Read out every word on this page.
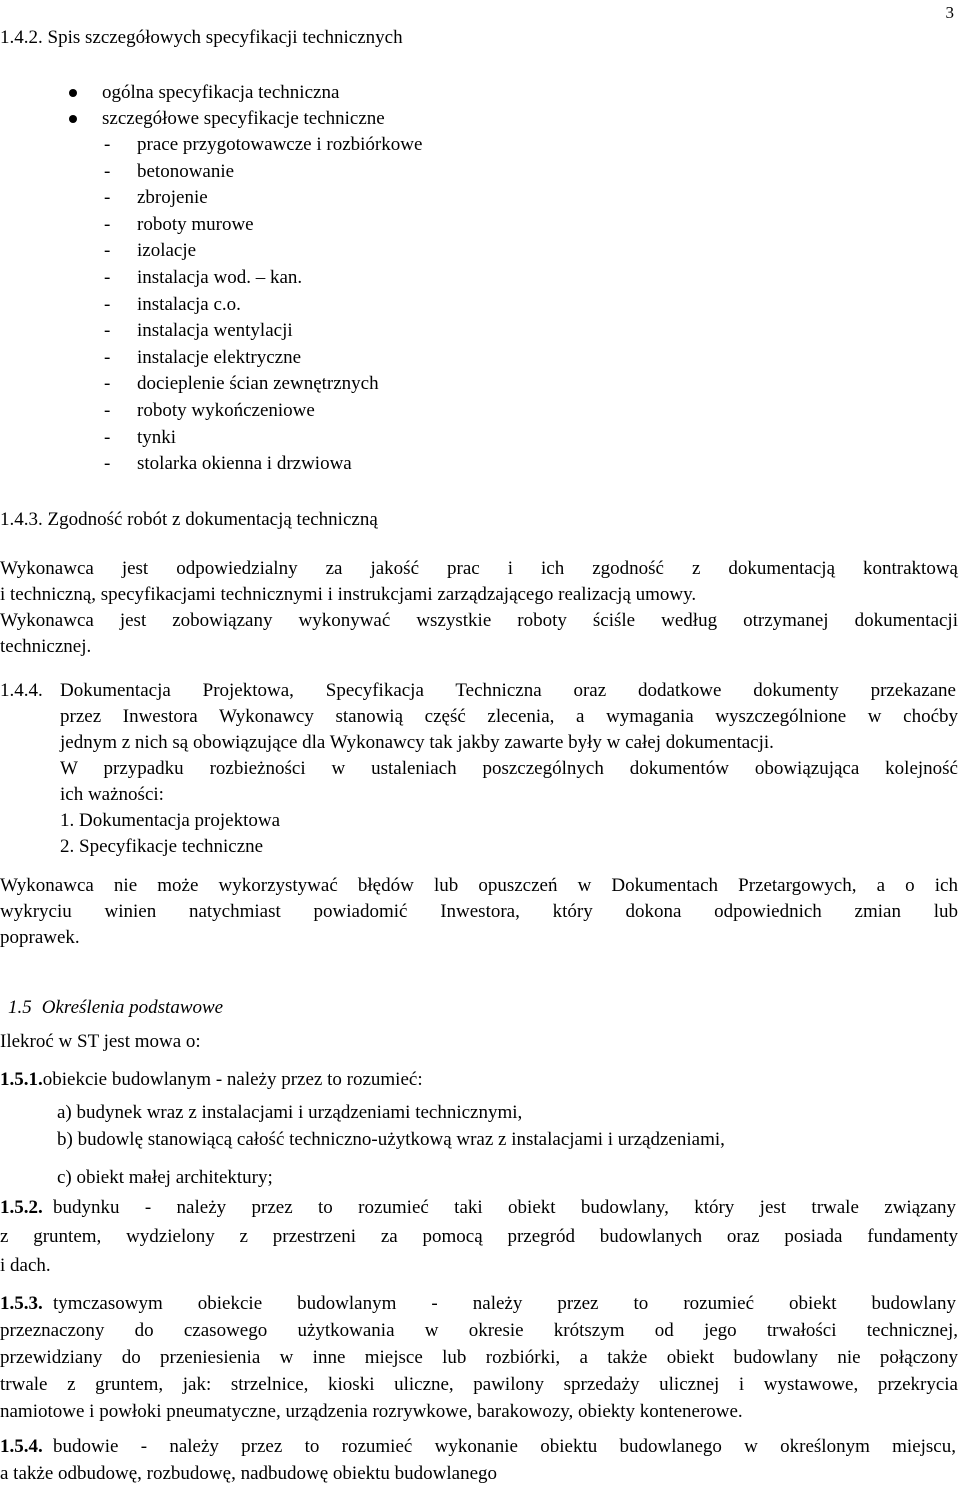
3
1.4.2. Spis szczegółowych specyfikacji technicznych
ogólna specyfikacja techniczna
szczegółowe specyfikacje techniczne
- prace przygotowawcze i rozbiórkowe
- betonowanie
- zbrojenie
- roboty murowe
- izolacje
- instalacja wod. – kan.
- instalacja c.o.
- instalacja wentylacji
- instalacje elektryczne
- docieplenie ścian zewnętrznych
- roboty wykończeniowe
- tynki
- stolarka okienna i drzwiowa
1.4.3. Zgodność robót z dokumentacją techniczną
Wykonawca jest odpowiedzialny za jakość prac i ich zgodność z dokumentacją kontraktową
i techniczną, specyfikacjami technicznymi i instrukcjami zarządzającego realizacją umowy.
Wykonawca jest zobowiązany wykonywać wszystkie roboty ściśle według otrzymanej dokumentacji
technicznej.
1.4.4. Dokumentacja Projektowa, Specyfikacja Techniczna oraz dodatkowe dokumenty przekazane
przez Inwestora Wykonawcy stanowią część zlecenia, a wymagania wyszczególnione w choćby
jednym z nich są obowiązujące dla Wykonawcy tak jakby zawarte były w całej dokumentacji.
W przypadku rozbieżności w ustaleniach poszczególnych dokumentów obowiązująca kolejność
ich ważności:
1. Dokumentacja projektowa
2. Specyfikacje techniczne
Wykonawca nie może wykorzystywać błędów lub opuszczeń w Dokumentach Przetargowych, a o ich
wykryciu winien natychmiast powiadomić Inwestora, który dokona odpowiednich zmian lub
poprawek.
1.5 Określenia podstawowe
Ilekroć w ST jest mowa o:
1.5.1.obiekcie budowlanym - należy przez to rozumieć:
a) budynek wraz z instalacjami i urządzeniami technicznymi,
b) budowlę stanowiącą całość techniczno-użytkową wraz z instalacjami i urządzeniami,
c) obiekt małej architektury;
1.5.2. budynku - należy przez to rozumieć taki obiekt budowlany, który jest trwale związany
z gruntem, wydzielony z przestrzeni za pomocą przegród budowlanych oraz posiada fundamenty
i dach.
1.5.3. tymczasowym obiekcie budowlanym - należy przez to rozumieć obiekt budowlany
przeznaczony do czasowego użytkowania w okresie krótszym od jego trwałości technicznej,
przewidziany do przeniesienia w inne miejsce lub rozbiórki, a także obiekt budowlany nie połączony
trwale z gruntem, jak: strzelnice, kioski uliczne, pawilony sprzedaży ulicznej i wystawowe, przekrycia
namiotowe i powłoki pneumatyczne, urządzenia rozrywkowe, barakowozy, obiekty kontenerowe.
1.5.4. budowie - należy przez to rozumieć wykonanie obiektu budowlanego w określonym miejscu,
a także odbudowę, rozbudowę, nadbudowę obiektu budowlanego
